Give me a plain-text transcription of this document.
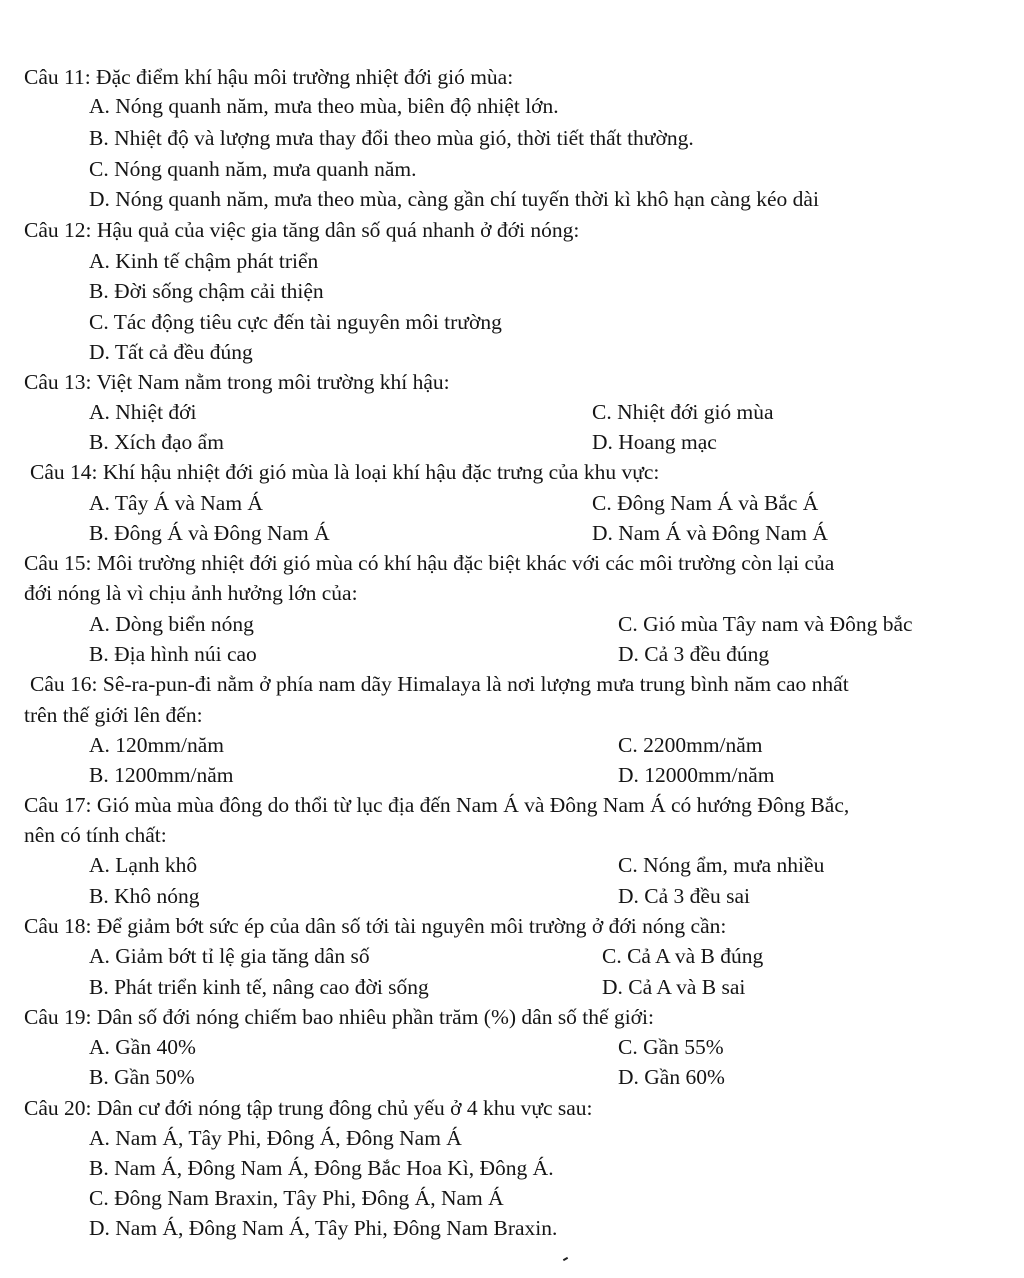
Câu 11: Đặc điểm khí hậu môi trường nhiệt đới gió mùa:
A. Nóng quanh năm, mưa theo mùa, biên độ nhiệt lớn.
B. Nhiệt độ và lượng mưa thay đổi theo mùa gió, thời tiết thất thường.
C. Nóng quanh năm, mưa quanh năm.
D. Nóng quanh năm, mưa theo mùa, càng gần chí tuyến thời kì khô hạn càng kéo dài
Câu 12: Hậu quả của việc gia tăng dân số quá nhanh ở đới nóng:
A. Kinh tế chậm phát triển
B. Đời sống chậm cải thiện
C. Tác động tiêu cực đến tài nguyên môi trường
D. Tất cả đều đúng
Câu 13: Việt Nam nằm trong môi trường khí hậu:
A. Nhiệt đới	C. Nhiệt đới gió mùa
B. Xích đạo ẩm	D. Hoang mạc
Câu 14: Khí hậu nhiệt đới gió mùa là loại khí hậu đặc trưng của khu vực:
A. Tây Á và Nam Á	C. Đông Nam Á và Bắc Á
B. Đông Á và Đông Nam Á	D. Nam Á và Đông Nam Á
Câu 15: Môi trường nhiệt đới gió mùa có khí hậu đặc biệt khác với các môi trường còn lại của
đới nóng là vì chịu ảnh hưởng lớn của:
A. Dòng biển nóng	C. Gió mùa Tây nam và Đông bắc
B. Địa hình núi cao	D. Cả 3 đều đúng
Câu 16: Sê-ra-pun-đi nằm ở phía nam dãy Himalaya là nơi lượng mưa trung bình năm cao nhất
trên thế giới lên đến:
A. 120mm/năm	C. 2200mm/năm
B. 1200mm/năm	D. 12000mm/năm
Câu 17: Gió mùa mùa đông do thổi từ lục địa đến Nam Á và Đông Nam Á có hướng Đông Bắc,
nên có tính chất:
A. Lạnh khô	C. Nóng ẩm, mưa nhiều
B. Khô nóng	D. Cả 3 đều sai
Câu 18: Để giảm bớt sức ép của dân số tới tài nguyên môi trường ở đới nóng cần:
A. Giảm bớt tỉ lệ gia tăng dân số	C. Cả A và B đúng
B. Phát triển kinh tế, nâng cao đời sống	D. Cả A và B sai
Câu 19: Dân số đới nóng chiếm bao nhiêu phần trăm (%) dân số thế giới:
A. Gần 40%	C. Gần 55%
B. Gần 50%	D. Gần 60%
Câu 20: Dân cư đới nóng tập trung đông chủ yếu ở 4 khu vực sau:
A. Nam Á, Tây Phi, Đông Á, Đông Nam Á
B. Nam Á, Đông Nam Á, Đông Bắc Hoa Kì, Đông Á.
C. Đông Nam Braxin, Tây Phi, Đông Á, Nam Á
D. Nam Á, Đông Nam Á, Tây Phi, Đông Nam Braxin.
